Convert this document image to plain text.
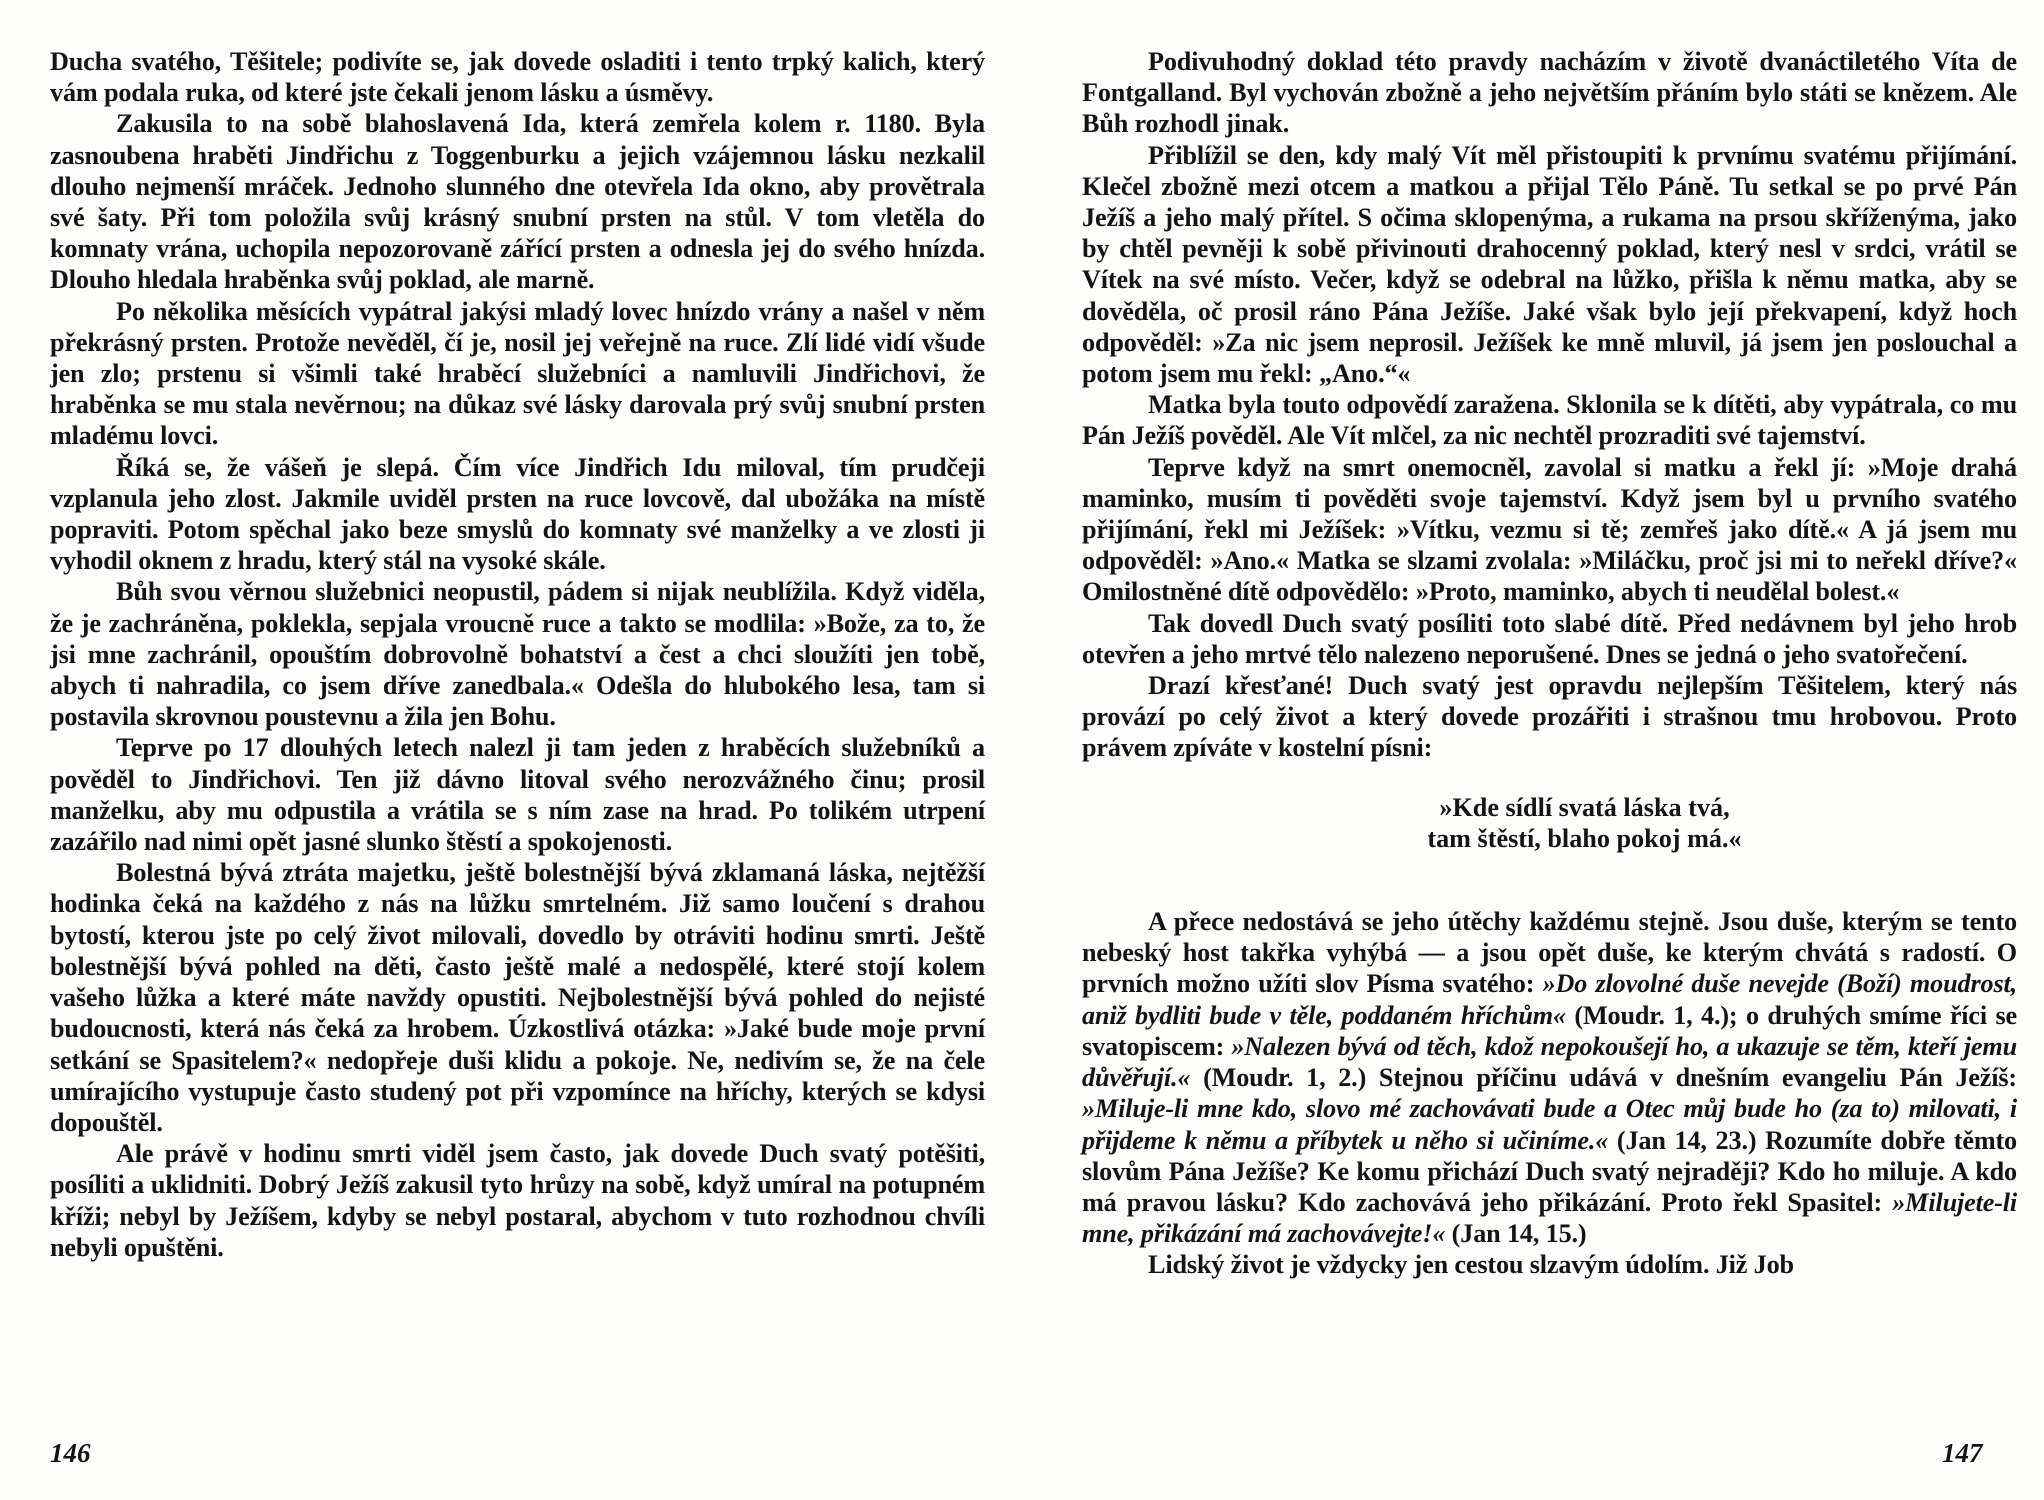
Ducha svatého, Těšitele; podivíte se, jak dovede osladiti i tento trpký kalich, který vám podala ruka, od které jste čekali jenom lásku a úsměvy.

Zakusila to na sobě blahoslavená Ida, která zemřela kolem r. 1180. Byla zasnoubena hraběti Jindřichu z Toggenburku a jejich vzájemnou lásku nezkalil dlouho nejmenší mráček. Jednoho slunného dne otevřela Ida okno, aby provětrala své šaty. Při tom položila svůj krásný snubní prsten na stůl. V tom vletěla do komnaty vrána, uchopila nepozorovaně zářící prsten a odnesla jej do svého hnízda. Dlouho hledala hraběnka svůj poklad, ale marně.

Po několika měsících vypátral jakýsi mladý lovec hnízdo vrány a našel v něm překrásný prsten. Protože nevěděl, čí je, nosil jej veřejně na ruce. Zlí lidé vidí všude jen zlo; prstenu si všimli také hraběcí služebníci a namluvili Jindřichovi, že hraběnka se mu stala nevěrnou; na důkaz své lásky darovala prý svůj snubní prsten mladému lovci.

Říká se, že vášeň je slepá. Čím více Jindřich Idu miloval, tím prudčeji vzplanula jeho zlost. Jakmile uviděl prsten na ruce lovcově, dal ubožáka na místě popraviti. Potom spěchal jako beze smyslů do komnaty své manželky a ve zlosti ji vyhodil oknem z hradu, který stál na vysoké skále.

Bůh svou věrnou služebnici neopustil, pádem si nijak neublížila. Když viděla, že je zachráněna, poklekla, sepjala vroucně ruce a takto se modlila: »Bože, za to, že jsi mne zachránil, opouštím dobrovolně bohatství a čest a chci sloužíti jen tobě, abych ti nahradila, co jsem dříve zanedbala.« Odešla do hlubokého lesa, tam si postavila skrovnou poustevnu a žila jen Bohu.

Teprve po 17 dlouhých letech nalezl ji tam jeden z hraběcích služebníků a pověděl to Jindřichovi. Ten již dávno litoval svého nerozvážného činu; prosil manželku, aby mu odpustila a vrátila se s ním zase na hrad. Po tolikém utrpení zazářilo nad nimi opět jasné slunko štěstí a spokojenosti.

Bolestná bývá ztráta majetku, ještě bolestnější bývá zklamaná láska, nejtěžší hodinka čeká na každého z nás na lůžku smrtelném. Již samo loučení s drahou bytostí, kterou jste po celý život milovali, dovedlo by otráviti hodinu smrti. Ještě bolestnější bývá pohled na děti, často ještě malé a nedospělé, které stojí kolem vašeho lůžka a které máte navždy opustiti. Nejbolestnější bývá pohled do nejisté budoucnosti, která nás čeká za hrobem. Úzkostlivá otázka: »Jaké bude moje první setkání se Spasitelem?« nedopřeje duši klidu a pokoje. Ne, nedivím se, že na čele umírajícího vystupuje často studený pot při vzpomínce na hříchy, kterých se kdysi dopouštěl.

Ale právě v hodinu smrti viděl jsem často, jak dovede Duch svatý potěšiti, posíliti a uklidniti. Dobrý Ježíš zakusil tyto hrůzy na sobě, když umíral na potupném kříži; nebyl by Ježíšem, kdyby se nebyl postaral, abychom v tuto rozhodnou chvíli nebyli opuštěni.

Podivuhodný doklad této pravdy nacházím v životě dvanáctiletého Víta de Fontgalland. Byl vychován zbožně a jeho největším přáním bylo státi se knězem. Ale Bůh rozhodl jinak.

Přiblížil se den, kdy malý Vít měl přistoupiti k prvnímu svatému přijímání. Klečel zbožně mezi otcem a matkou a přijal Tělo Páně. Tu setkal se po prvé Pán Ježíš a jeho malý přítel. S očima sklopenýma, a rukama na prsou skříženýma, jako by chtěl pevněji k sobě přivinouti drahocenný poklad, který nesl v srdci, vrátil se Vítek na své místo. Večer, když se odebral na lůžko, přišla k němu matka, aby se dověděla, oč prosil ráno Pána Ježíše. Jaké však bylo její překvapení, když hoch odpověděl: »Za nic jsem neprosil. Ježíšek ke mně mluvil, já jsem jen poslouchal a potom jsem mu řekl: „Ano.“«

Matka byla touto odpovědí zaražena. Sklonila se k dítěti, aby vypátrala, co mu Pán Ježíš pověděl. Ale Vít mlčel, za nic nechtěl prozraditi své tajemství.

Teprve když na smrt onemocněl, zavolal si matku a řekl jí: »Moje drahá maminko, musím ti pověděti svoje tajemství. Když jsem byl u prvního svatého přijímání, řekl mi Ježíšek: »Vítku, vezmu si tě; zemřeš jako dítě.« A já jsem mu odpověděl: »Ano.« Matka se slzami zvolala: »Miláčku, proč jsi mi to neřekl dříve?« Omilostněné dítě odpovědělo: »Proto, maminko, abych ti neudělal bolest.«

Tak dovedl Duch svatý posíliti toto slabé dítě. Před nedávnem byl jeho hrob otevřen a jeho mrtvé tělo nalezeno neporušené. Dnes se jedná o jeho svatořečení.

Drazí křesťané! Duch svatý jest opravdu nejlepším Těšitelem, který nás provází po celý život a který dovede prozářiti i strašnou tmu hrobovou. Proto právem zpíváte v kostelní písni:

»Kde sídlí svatá láska tvá,
tam štěstí, blaho pokoj má.«

A přece nedostává se jeho útěchy každému stejně. Jsou duše, kterým se tento nebeský host takřka vyhýbá — a jsou opět duše, ke kterým chvátá s radostí. O prvních možno užíti slov Písma svatého: »Do zlovolné duše nevejde (Boží) moudrost, aniž bydliti bude v těle, poddaném hříchům« (Moudr. 1, 4.); o druhých smíme říci se svatopiscem: »Nalezen bývá od těch, kdož nepokoušejí ho, a ukazuje se těm, kteří jemu důvěřují.« (Moudr. 1, 2.) Stejnou příčinu udává v dnešním evangeliu Pán Ježíš: »Miluje-li mne kdo, slovo mé zachovávati bude a Otec můj bude ho (za to) milovati, i přijdeme k němu a příbytek u něho si učiníme.« (Jan 14, 23.) Rozumíte dobře těmto slovům Pána Ježíše? Ke komu přichází Duch svatý nejraději? Kdo ho miluje. A kdo má pravou lásku? Kdo zachovává jeho přikázání. Proto řekl Spasitel: »Milujete-li mne, přikázání má zachovávejte!« (Jan 14, 15.)

Lidský život je vždycky jen cestou slzavým údolím. Již Job

146	147
